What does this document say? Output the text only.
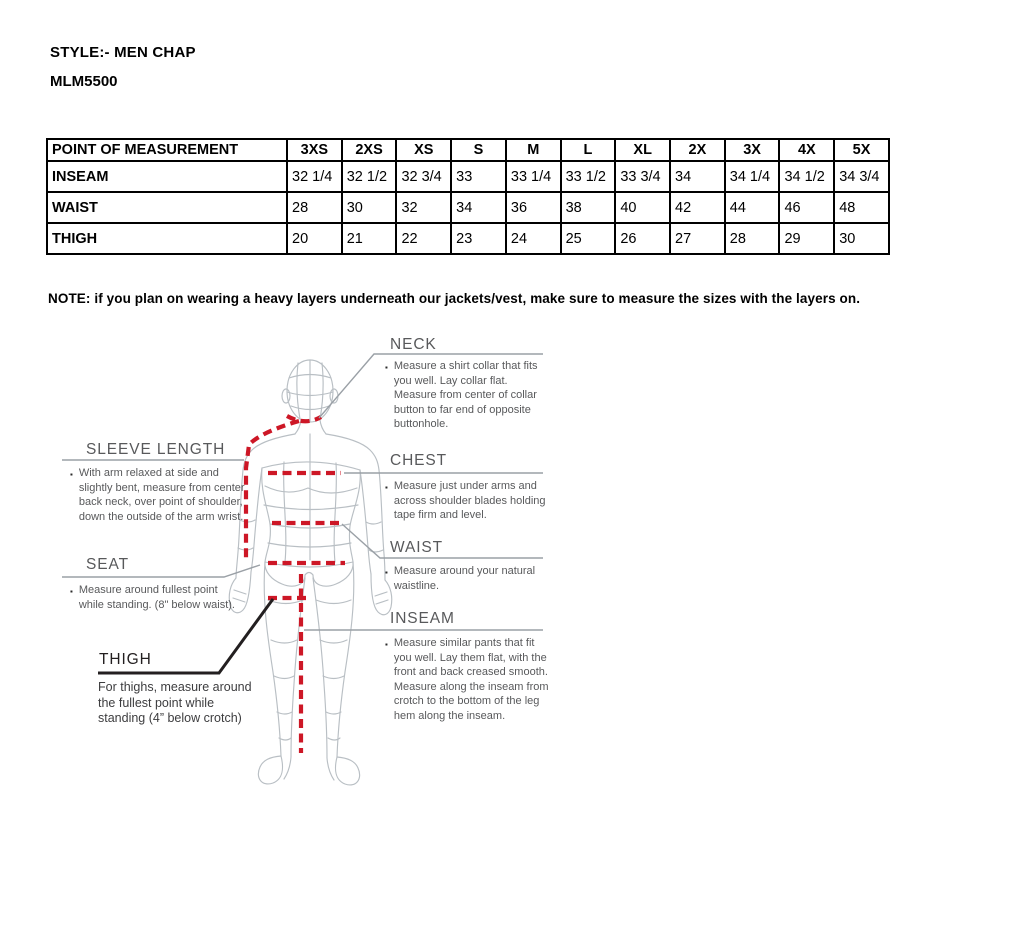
STYLE:- MEN CHAP
MLM5500
POINT OF MEASUREMENT	3XS	2XS	XS	S	M	L	XL	2X	3X	4X	5X
INSEAM	32 1/4	32 1/2	32 3/4	33	33 1/4	33 1/2	33 3/4	34	34 1/4	34 1/2	34 3/4
WAIST	28	30	32	34	36	38	40	42	44	46	48
THIGH	20	21	22	23	24	25	26	27	28	29	30
NOTE: if you plan on wearing a heavy layers underneath our jackets/vest, make sure to measure the sizes with the layers on.
NECK
▪ Measure a shirt collar that fits you well. Lay collar flat. Measure from center of collar button to far end of opposite buttonhole.
CHEST
▪ Measure just under arms and across shoulder blades holding tape firm and level.
WAIST
▪ Measure around your natural waistline.
INSEAM
▪ Measure similar pants that fit you well. Lay them flat, with the front and back creased smooth. Measure along the inseam from crotch to the bottom of the leg hem along the inseam.
SLEEVE LENGTH
▪ With arm relaxed at side and slightly bent, measure from center back neck, over point of shoulder, down the outside of the arm wrist.
SEAT
▪ Measure around fullest point while standing. (8" below waist).
THIGH
For thighs, measure around the fullest point while standing (4” below crotch)
